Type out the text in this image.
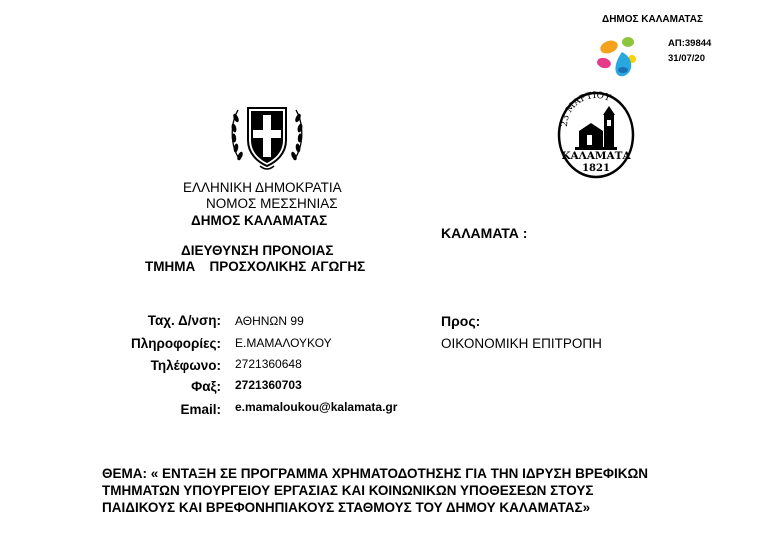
ΔΗΜΟΣ ΚΑΛΑΜΑΤΑΣ
ΑΠ:39844
31/07/20
23 ΜΑΡΤΙΟΥ
ΚΑΛΑΜΑΤΑ
1821
ΕΛΛΗΝΙΚΗ ΔΗΜΟΚΡΑΤΙΑ
ΝΟΜΟΣ ΜΕΣΣΗΝΙΑΣ
ΔΗΜΟΣ ΚΑΛΑΜΑΤΑΣ
ΔΙΕΥΘΥΝΣΗ ΠΡΟΝΟΙΑΣ
ΤΜΗΜΑ   ΠΡΟΣΧΟΛΙΚΗΣ ΑΓΩΓΗΣ
ΚΑΛΑΜΑΤΑ :
Ταχ. Δ/νση: ΑΘΗΝΩΝ 99
Πληροφορίες: Ε.ΜΑΜΑΛΟΥΚΟΥ
Τηλέφωνο: 2721360648
Φαξ: 2721360703
Email: e.mamaloukou@kalamata.gr
Προς:
ΟΙΚΟΝΟΜΙΚΗ ΕΠΙΤΡΟΠΗ
ΘΕΜΑ: « ΕΝΤΑΞΗ ΣΕ ΠΡΟΓΡΑΜΜΑ ΧΡΗΜΑΤΟΔΟΤΗΣΗΣ ΓΙΑ ΤΗΝ ΙΔΡΥΣΗ ΒΡΕΦΙΚΩΝ ΤΜΗΜΑΤΩΝ ΥΠΟΥΡΓΕΙΟΥ ΕΡΓΑΣΙΑΣ ΚΑΙ ΚΟΙΝΩΝΙΚΩΝ ΥΠΟΘΕΣΕΩΝ ΣΤΟΥΣ ΠΑΙΔΙΚΟΥΣ ΚΑΙ ΒΡΕΦΟΝΗΠΙΑΚΟΥΣ ΣΤΑΘΜΟΥΣ ΤΟΥ ΔΗΜΟΥ ΚΑΛΑΜΑΤΑΣ»
